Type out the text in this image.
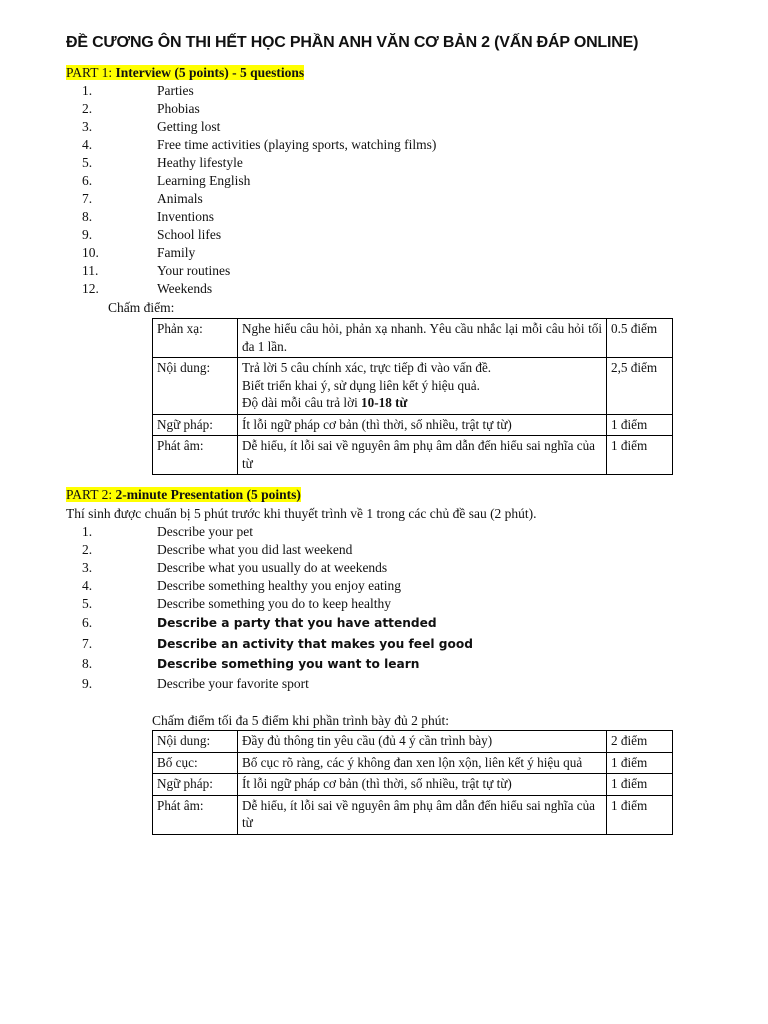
ĐỀ CƯƠNG ÔN THI HẾT HỌC PHẦN ANH VĂN CƠ BẢN 2 (VẤN ĐÁP ONLINE)
PART 1: Interview (5 points) - 5 questions
1.	Parties
2.	Phobias
3.	Getting lost
4.	Free time activities (playing sports, watching films)
5.	Heathy lifestyle
6.	Learning English
7.	Animals
8.	Inventions
9.	School lifes
10.	Family
11.	Your routines
12.	Weekends
Chấm điểm:
Phản xạ:	Nghe hiểu câu hỏi, phản xạ nhanh. Yêu cầu nhắc lại mỗi câu hỏi tối đa 1 lần.	0.5 điểm
Nội dung:	Trả lời 5 câu chính xác, trực tiếp đi vào vấn đề.
Biết triển khai ý, sử dụng liên kết ý hiệu quả.
Độ dài mỗi câu trả lời 10-18 từ	2,5 điểm
Ngữ pháp:	Ít lỗi ngữ pháp cơ bản (thì thời, số nhiều, trật tự từ)	1 điểm
Phát âm:	Dễ hiểu, ít lỗi sai về nguyên âm phụ âm dẫn đến hiểu sai nghĩa của từ	1 điểm
PART 2: 2-minute Presentation (5 points)
Thí sinh được chuẩn bị 5 phút trước khi thuyết trình về 1 trong các chủ đề sau (2 phút).
1.	Describe your pet
2.	Describe what you did last weekend
3.	Describe what you usually do at weekends
4.	Describe something healthy you enjoy eating
5.	Describe something you do to keep healthy
6.	Describe a party that you have attended
7.	Describe an activity that makes you feel good
8.	Describe something you want to learn
9.	Describe your favorite sport
Chấm điểm tối đa 5 điểm khi phần trình bày đủ 2 phút:
Nội dung:	Đầy đủ thông tin yêu cầu (đủ 4 ý cần trình bày)	2 điểm
Bố cục:	Bố cục rõ ràng, các ý không đan xen lộn xộn, liên kết ý hiệu quả	1 điểm
Ngữ pháp:	Ít lỗi ngữ pháp cơ bản (thì thời, số nhiều, trật tự từ)	1 điểm
Phát âm:	Dễ hiểu, ít lỗi sai về nguyên âm phụ âm dẫn đến hiểu sai nghĩa của từ	1 điểm
